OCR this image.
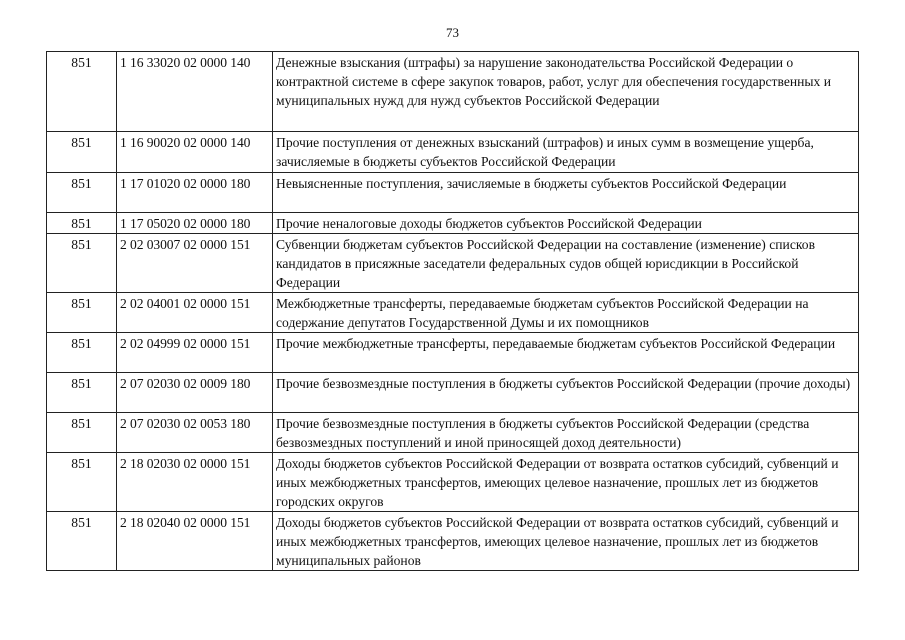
73
851	1 16 33020 02 0000 140	Денежные взыскания (штрафы) за нарушение законодательства Российской Федерации о контрактной системе в сфере закупок товаров, работ, услуг для обеспечения государственных и муниципальных нужд для нужд субъектов Российской Федерации
851	1 16 90020 02 0000 140	Прочие поступления от денежных взысканий (штрафов) и иных сумм в возмещение ущерба, зачисляемые в бюджеты субъектов Российской Федерации
851	1 17 01020 02 0000 180	Невыясненные поступления, зачисляемые в бюджеты субъектов Российской Федерации
851	1 17 05020 02 0000 180	Прочие неналоговые доходы бюджетов субъектов Российской Федерации
851	2 02 03007 02 0000 151	Субвенции бюджетам субъектов Российской Федерации на составление (изменение) списков кандидатов в присяжные заседатели федеральных судов общей юрисдикции в Российской Федерации
851	2 02 04001 02 0000 151	Межбюджетные трансферты, передаваемые бюджетам субъектов Российской Федерации на содержание депутатов Государственной Думы и их помощников
851	2 02 04999 02 0000 151	Прочие межбюджетные трансферты, передаваемые бюджетам субъектов Российской Федерации
851	2 07 02030 02 0009 180	Прочие безвозмездные поступления в бюджеты субъектов Российской Федерации (прочие доходы)
851	2 07 02030 02 0053 180	Прочие безвозмездные поступления в бюджеты субъектов Российской Федерации (средства безвозмездных поступлений и иной приносящей доход деятельности)
851	2 18 02030 02 0000 151	Доходы бюджетов субъектов Российской Федерации от возврата остатков субсидий, субвенций и иных межбюджетных трансфертов, имеющих целевое назначение, прошлых лет из бюджетов городских округов
851	2 18 02040 02 0000 151	Доходы бюджетов субъектов Российской Федерации от возврата остатков субсидий, субвенций и иных межбюджетных трансфертов, имеющих целевое назначение, прошлых лет из бюджетов муниципальных районов
